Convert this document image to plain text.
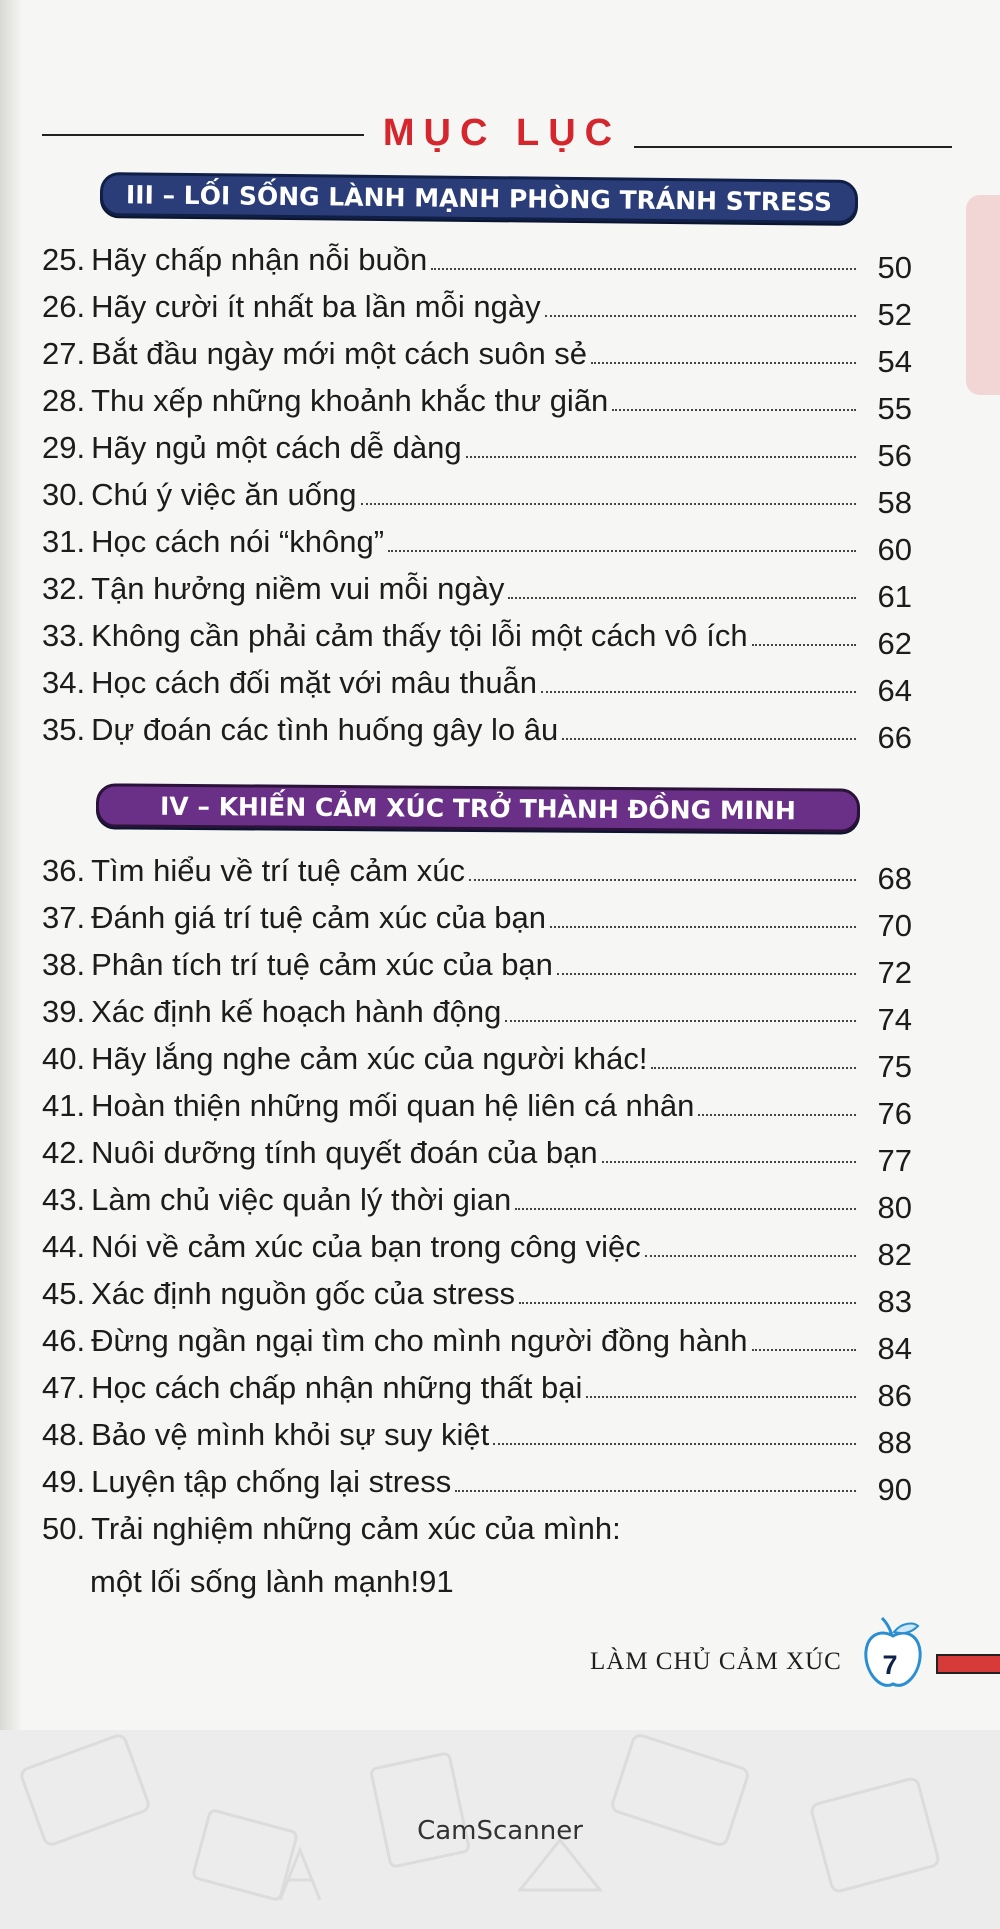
MỤC LỤC
III – LỐI SỐNG LÀNH MẠNH PHÒNG TRÁNH STRESS
IV – KHIẾN CẢM XÚC TRỞ THÀNH ĐỒNG MINH
25. Hãy chấp nhận nỗi buồn	50
26. Hãy cười ít nhất ba lần mỗi ngày	52
27. Bắt đầu ngày mới một cách suôn sẻ	54
28. Thu xếp những khoảnh khắc thư giãn	55
29. Hãy ngủ một cách dễ dàng	56
30. Chú ý việc ăn uống	58
31. Học cách nói “không”	60
32. Tận hưởng niềm vui mỗi ngày	61
33. Không cần phải cảm thấy tội lỗi một cách vô ích	62
34. Học cách đối mặt với mâu thuẫn	64
35. Dự đoán các tình huống gây lo âu	66
36. Tìm hiểu về trí tuệ cảm xúc	68
37. Đánh giá trí tuệ cảm xúc của bạn	70
38. Phân tích trí tuệ cảm xúc của bạn	72
39. Xác định kế hoạch hành động	74
40. Hãy lắng nghe cảm xúc của người khác!	75
41. Hoàn thiện những mối quan hệ liên cá nhân	76
42. Nuôi dưỡng tính quyết đoán của bạn	77
43. Làm chủ việc quản lý thời gian	80
44. Nói về cảm xúc của bạn trong công việc	82
45. Xác định nguồn gốc của stress	83
46. Đừng ngần ngại tìm cho mình người đồng hành	84
47. Học cách chấp nhận những thất bại	86
48. Bảo vệ mình khỏi sự suy kiệt	88
49. Luyện tập chống lại stress	90
50. Trải nghiệm những cảm xúc của mình:
một lối sống lành mạnh! 91
LÀM CHỦ CẢM XÚC	7
CamScanner
